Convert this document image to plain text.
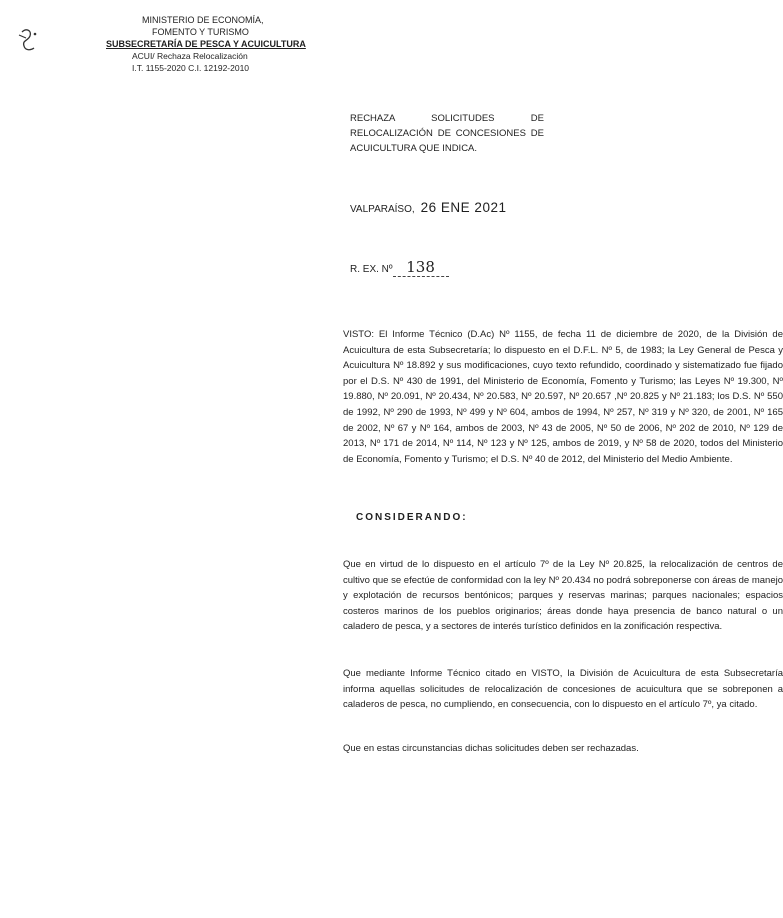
MINISTERIO DE ECONOMÍA,
FOMENTO Y TURISMO
SUBSECRETARÍA DE PESCA Y ACUICULTURA
ACUI/ Rechaza Relocalización
I.T. 1155-2020 C.I. 12192-2010
RECHAZA SOLICITUDES DE RELOCALIZACIÓN DE CONCESIONES DE ACUICULTURA QUE INDICA.
VALPARAÍSO, 26 ENE 2021
R. EX. Nº 138
VISTO: El Informe Técnico (D.Ac) Nº 1155, de fecha 11 de diciembre de 2020, de la División de Acuicultura de esta Subsecretaría; lo dispuesto en el D.F.L. Nº 5, de 1983; la Ley General de Pesca y Acuicultura Nº 18.892 y sus modificaciones, cuyo texto refundido, coordinado y sistematizado fue fijado por el D.S. Nº 430 de 1991, del Ministerio de Economía, Fomento y Turismo; las Leyes Nº 19.300, Nº 19.880, Nº 20.091, Nº 20.434, Nº 20.583, Nº 20.597, Nº 20.657 ,Nº 20.825 y Nº 21.183; los D.S. Nº 550 de 1992, Nº 290 de 1993, Nº 499 y Nº 604, ambos de 1994, Nº 257, Nº 319 y Nº 320, de 2001, Nº 165 de 2002, Nº 67 y Nº 164, ambos de 2003, Nº 43 de 2005, Nº 50 de 2006, Nº 202 de 2010, Nº 129 de 2013, Nº 171 de 2014, Nº 114, Nº 123 y Nº 125, ambos de 2019, y Nº 58 de 2020, todos del Ministerio de Economía, Fomento y Turismo; el D.S. Nº 40 de 2012, del Ministerio del Medio Ambiente.
CONSIDERANDO:
Que en virtud de lo dispuesto en el artículo 7º de la Ley Nº 20.825, la relocalización de centros de cultivo que se efectúe de conformidad con la ley Nº 20.434 no podrá sobreponerse con áreas de manejo y explotación de recursos bentónicos; parques y reservas marinas; parques nacionales; espacios costeros marinos de los pueblos originarios; áreas donde haya presencia de banco natural o un caladero de pesca, y a sectores de interés turístico definidos en la zonificación respectiva.
Que mediante Informe Técnico citado en VISTO, la División de Acuicultura de esta Subsecretaría informa aquellas solicitudes de relocalización de concesiones de acuicultura que se sobreponen a caladeros de pesca, no cumpliendo, en consecuencia, con lo dispuesto en el artículo 7º, ya citado.
Que en estas circunstancias dichas solicitudes deben ser rechazadas.
